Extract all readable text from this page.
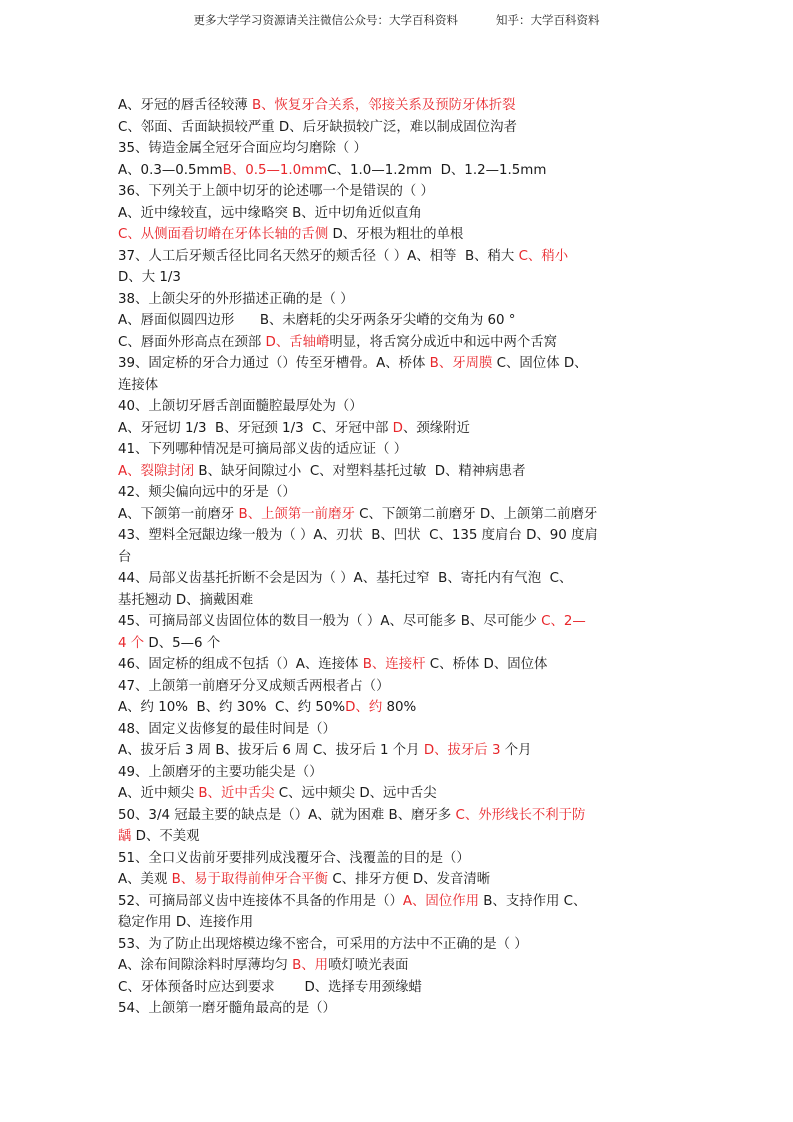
更多大学学习资源请关注微信公众号：大学百科资料	知乎：大学百科资料

A、牙冠的唇舌径较薄 B、恢复牙合关系，邻接关系及预防牙体折裂

C、邻面、舌面缺损较严重 D、后牙缺损较广泛，难以制成固位沟者

35、铸造金属全冠牙合面应均匀磨除（ ）

A、0.3—0.5mmB、0.5—1.0mmC、1.0—1.2mm  D、1.2—1.5mm

36、下列关于上颌中切牙的论述哪一个是错误的（ ）

A、近中缘较直，远中缘略突 B、近中切角近似直角

C、从侧面看切嵴在牙体长轴的舌侧 D、牙根为粗壮的单根

37、人工后牙颊舌径比同名天然牙的颊舌径（ ）A、相等  B、稍大 C、稍小

D、大 1/3

38、上颌尖牙的外形描述正确的是（ ）

A、唇面似圆四边形      B、未磨耗的尖牙两条牙尖嵴的交角为 60 °

C、唇面外形高点在颈部 D、舌轴嵴明显，将舌窝分成近中和远中两个舌窝

39、固定桥的牙合力通过（）传至牙槽骨。A、桥体 B、牙周膜 C、固位体 D、

连接体

40、上颌切牙唇舌剖面髓腔最厚处为（）

A、牙冠切 1/3  B、牙冠颈 1/3  C、牙冠中部 D、颈缘附近

41、下列哪种情况是可摘局部义齿的适应证（ ）

A、裂隙封闭 B、缺牙间隙过小  C、对塑料基托过敏  D、精神病患者

42、颊尖偏向远中的牙是（）

A、下颌第一前磨牙 B、上颌第一前磨牙 C、下颌第二前磨牙 D、上颌第二前磨牙

43、塑料全冠龈边缘一般为（ ）A、刃状  B、凹状  C、135 度肩台 D、90 度肩

台

44、局部义齿基托折断不会是因为（ ）A、基托过窄  B、寄托内有气泡  C、

基托翘动 D、摘戴困难

45、可摘局部义齿固位体的数目一般为（ ）A、尽可能多 B、尽可能少 C、2—

4 个 D、5—6 个

46、固定桥的组成不包括（）A、连接体 B、连接杆 C、桥体 D、固位体

47、上颌第一前磨牙分叉成颊舌两根者占（）

A、约 10%  B、约 30%  C、约 50%D、约 80%

48、固定义齿修复的最佳时间是（）

A、拔牙后 3 周 B、拔牙后 6 周 C、拔牙后 1 个月 D、拔牙后 3 个月

49、上颌磨牙的主要功能尖是（）

A、近中颊尖 B、近中舌尖 C、远中颊尖 D、远中舌尖

50、3/4 冠最主要的缺点是（）A、就为困难 B、磨牙多 C、外形线长不利于防

龋 D、不美观

51、全口义齿前牙要排列成浅覆牙合、浅覆盖的目的是（）

A、美观 B、易于取得前伸牙合平衡 C、排牙方便 D、发音清晰

52、可摘局部义齿中连接体不具备的作用是（）A、固位作用 B、支持作用 C、

稳定作用 D、连接作用

53、为了防止出现熔模边缘不密合，可采用的方法中不正确的是（ ）

A、涂布间隙涂料时厚薄均匀 B、用喷灯喷光表面

C、牙体预备时应达到要求       D、选择专用颈缘蜡

54、上颌第一磨牙髓角最高的是（）
